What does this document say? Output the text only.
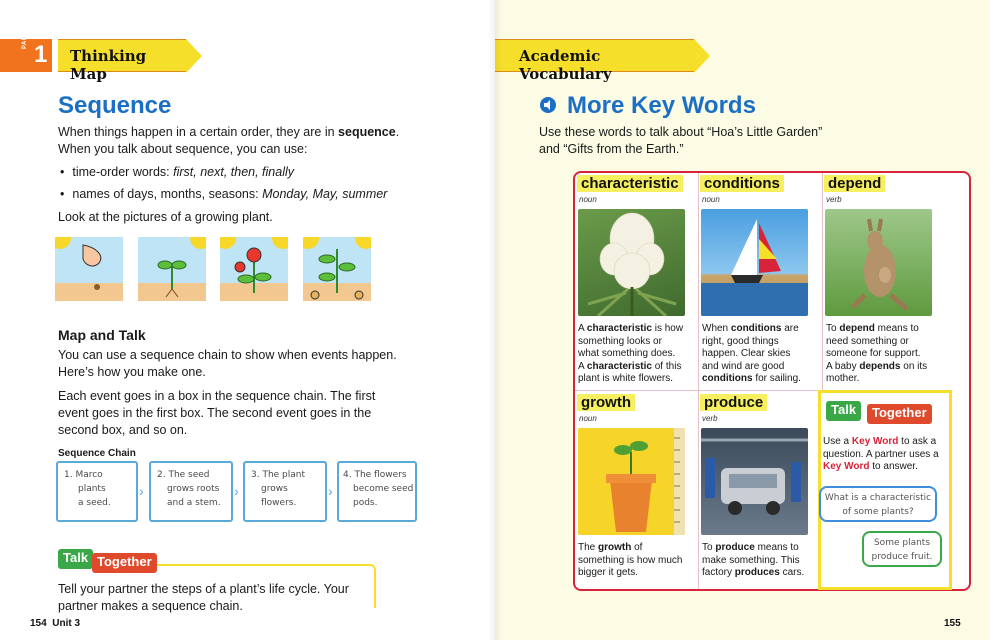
PART
1 Thinking Map
Sequence
When things happen in a certain order, they are in sequence.
When you talk about sequence, you can use:
• time-order words: first, next, then, finally
• names of days, months, seasons: Monday, May, summer
Look at the pictures of a growing plant.
Map and Talk
You can use a sequence chain to show when events happen.
Here’s how you make one.
Each event goes in a box in the sequence chain. The first
event goes in the first box. The second event goes in the
second box, and so on.
Sequence Chain
1. Marco
plants
a seed.
›
2. The seed
grows roots
and a stem.
›
3. The plant
grows
flowers.
›
4. The flowers
become seed
pods.
Talk Together
Tell your partner the steps of a plant’s life cycle. Your
partner makes a sequence chain.
154 Unit 3
Academic Vocabulary
More Key Words
Use these words to talk about “Hoa’s Little Garden”
and “Gifts from the Earth.”
characteristic
noun
A characteristic is how
something looks or
what something does.
A characteristic of this
plant is white flowers.
conditions
noun
When conditions are
right, good things
happen. Clear skies
and wind are good
conditions for sailing.
depend
verb
To depend means to
need something or
someone for support.
A baby depends on its
mother.
growth
noun
The growth of
something is how much
bigger it gets.
produce
verb
To produce means to
make something. This
factory produces cars.
Talk	Together
Use a Key Word to ask a
question. A partner uses a
Key Word to answer.
What is a characteristic
of some plants?
Some plants
produce fruit.
155
